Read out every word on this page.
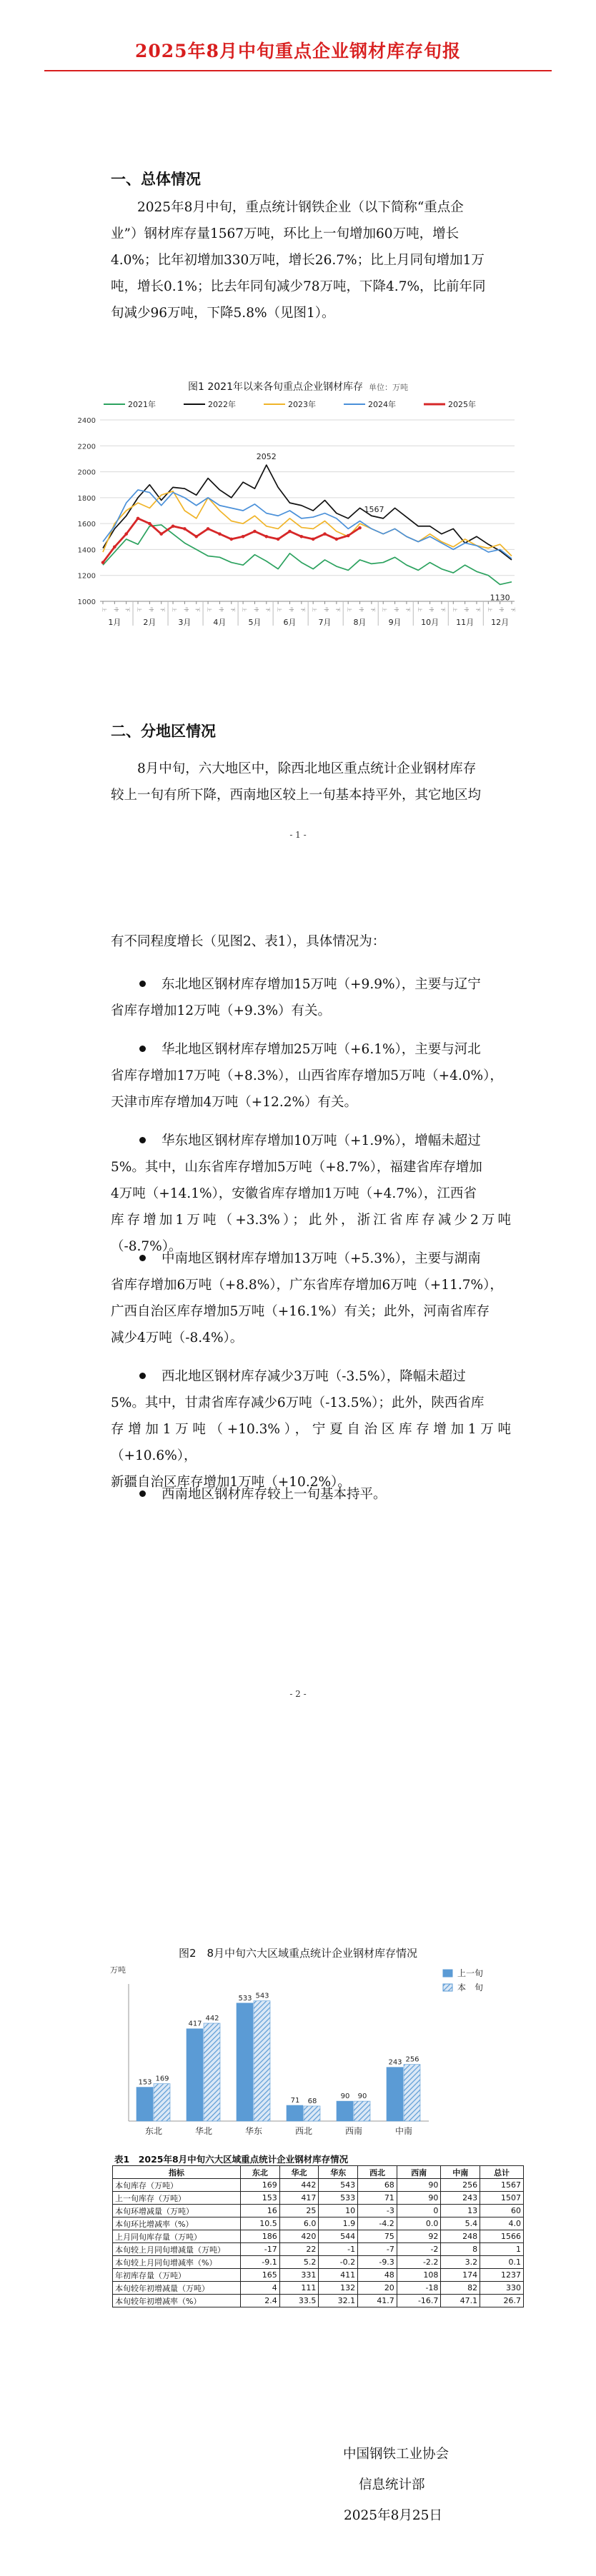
2025年8月中旬重点企业钢材库存旬报
一、总体情况
2025年8月中旬，重点统计钢铁企业（以下简称“重点企
业”）钢材库存量1567万吨，环比上一旬增加60万吨，增长
4.0%；比年初增加330万吨，增长26.7%；比上月同旬增加1万
吨，增长0.1%；比去年同旬减少78万吨，下降4.7%，比前年同
旬减少96万吨，下降5.8%（见图1）。
图1 2021年以来各旬重点企业钢材库存 单位：万吨
2021年	2022年	2023年	2024年	2025年
1000
1200
1400
1600
1800
2000
2200
2400
上 中 下 上 中 下 上 中 下 上 中 下 上 中 下 上 中 下 上 中 下 上 中 下 上 中 下 上 中 下 上 中 下 上 中 下
1月	2月	3月	4月	5月	6月	7月	8月	9月	10月 11月 12月
2052
1567
1130
二、分地区情况
8月中旬，六大地区中，除西北地区重点统计企业钢材库存
较上一旬有所下降，西南地区较上一旬基本持平外，其它地区均
- 1 -
有不同程度增长（见图2、表1），具体情况为：
- 2 -
图2　8月中旬六大区域重点统计企业钢材库存情况
万吨
153 169
东北
417
442
华北
533 543
华东
71 68
西北
90 90
西南
243 256
中南
上一旬
本　旬
表1　2025年8月中旬六大区域重点统计企业钢材库存情况
指标	东北	华北	华东	西北	西南	中南	总计
本旬库存（万吨）	169	442	543	68	90	256	1567
上一旬库存（万吨）	153	417	533	71	90	243	1507
本旬环增减量（万吨）	16	25	10	-3	0	13	60
本旬环比增减率（%）	10.5	6.0	1.9	-4.2	0.0	5.4	4.0
上月同旬库存量（万吨）	186	420	544	75	92	248	1566
本旬较上月同旬增减量（万吨）	-17	22	-1	-7	-2	8	1
本旬较上月同旬增减率（%）	-9.1	5.2	-0.2	-9.3	-2.2	3.2	0.1
年初库存量（万吨）	165	331	411	48	108	174	1237
本旬较年初增减量（万吨）	4	111	132	20	-18	82	330
本旬较年初增减率（%）	2.4	33.5	32.1	41.7	-16.7	47.1	26.7
中国钢铁工业协会
信息统计部
2025年8月25日
东北地区钢材库存增加15万吨（+9.9%），主要与辽宁
省库存增加12万吨（+9.3%）有关。
华北地区钢材库存增加25万吨（+6.1%），主要与河北
省库存增加17万吨（+8.3%），山西省库存增加5万吨（+4.0%），
天津市库存增加4万吨（+12.2%）有关。
华东地区钢材库存增加10万吨（+1.9%），增幅未超过
5%。其中，山东省库存增加5万吨（+8.7%），福建省库存增加
4万吨（+14.1%），安徽省库存增加1万吨（+4.7%），江西省
库存增加1万吨（+3.3%）；此外，浙江省库存减少2万吨（-8.7%）。
中南地区钢材库存增加13万吨（+5.3%），主要与湖南
省库存增加6万吨（+8.8%），广东省库存增加6万吨（+11.7%），
广西自治区库存增加5万吨（+16.1%）有关；此外，河南省库存
减少4万吨（-8.4%）。
西北地区钢材库存减少3万吨（-3.5%），降幅未超过
5%。其中，甘肃省库存减少6万吨（-13.5%）；此外，陕西省库
存增加1万吨（+10.3%），宁夏自治区库存增加1万吨（+10.6%），
新疆自治区库存增加1万吨（+10.2%）。
西南地区钢材库存较上一旬基本持平。
